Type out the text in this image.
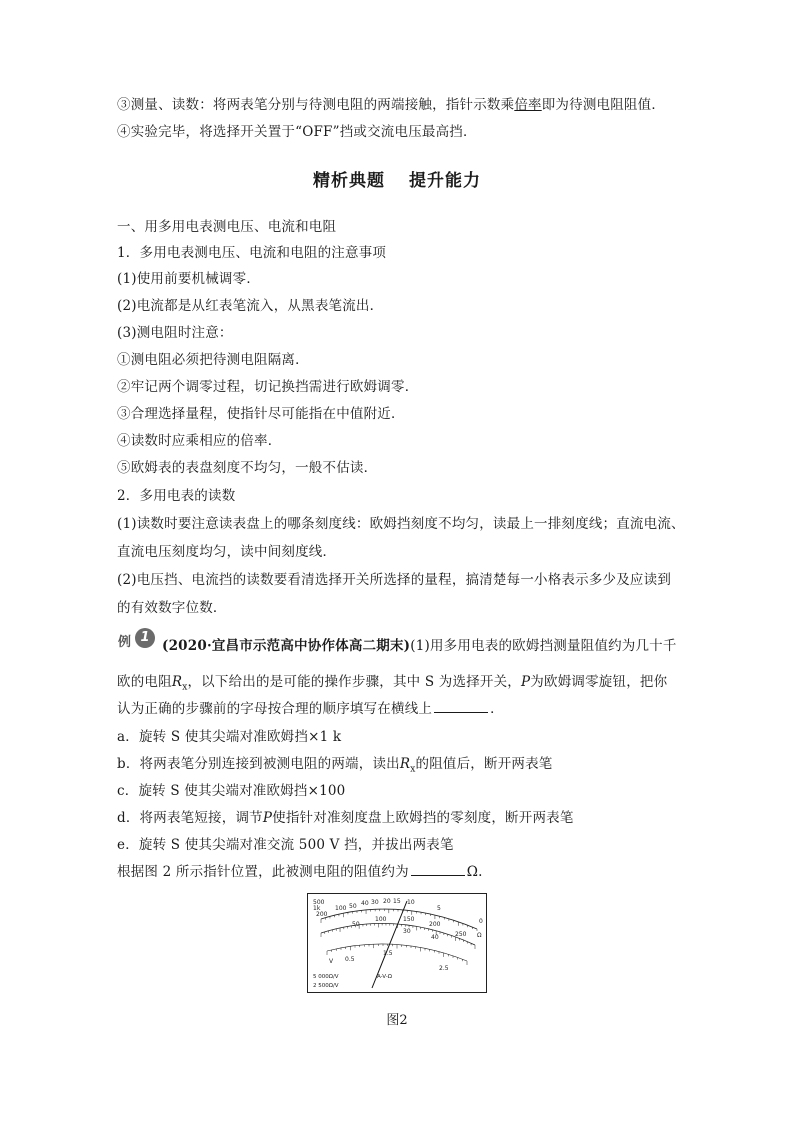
③测量、读数：将两表笔分别与待测电阻的两端接触，指针示数乘倍率即为待测电阻阻值．
④实验完毕，将选择开关置于“OFF”挡或交流电压最高挡．
精析典题 提升能力
一、用多用电表测电压、电流和电阻
1．多用电表测电压、电流和电阻的注意事项
(1)使用前要机械调零．
(2)电流都是从红表笔流入，从黑表笔流出．
(3)测电阻时注意：
①测电阻必须把待测电阻隔离．
②牢记两个调零过程，切记换挡需进行欧姆调零．
③合理选择量程，使指针尽可能指在中值附近．
④读数时应乘相应的倍率．
⑤欧姆表的表盘刻度不均匀，一般不估读．
2．多用电表的读数
(1)读数时要注意读表盘上的哪条刻度线：欧姆挡刻度不均匀，读最上一排刻度线；直流电流、
直流电压刻度均匀，读中间刻度线．
(2)电压挡、电流挡的读数要看清选择开关所选择的量程，搞清楚每一小格表示多少及应读到
的有效数字位数．
例 1
(2020·宜昌市示范高中协作体高二期末)(1)用多用电表的欧姆挡测量阻值约为几十千
欧的电阻$R_x$，以下给出的是可能的操作步骤，其中 S 为选择开关，P为欧姆调零旋钮，把你
认为正确的步骤前的字母按合理的顺序填写在横线上	．
a．旋转 S 使其尖端对准欧姆挡×1 k
b．将两表笔分别连接到被测电阻的两端，读出$R_x$的阻值后，断开两表笔
c．旋转 S 使其尖端对准欧姆挡×100
d．将两表笔短接，调节P使指针对准刻度盘上欧姆挡的零刻度，断开两表笔
e．旋转 S 使其尖端对准交流 500 V 挡，并拔出两表笔
根据图 2 所示指针位置，此被测电阻的阻值约为	Ω.
500
200
100 50 40 30 20 15 10
5
0
50
100	150
200
250
30
40
0.5
1.5
2.5
1k
Ω
V
5 000Ω/V
2 500Ω/V
A-V-Ω
图2
